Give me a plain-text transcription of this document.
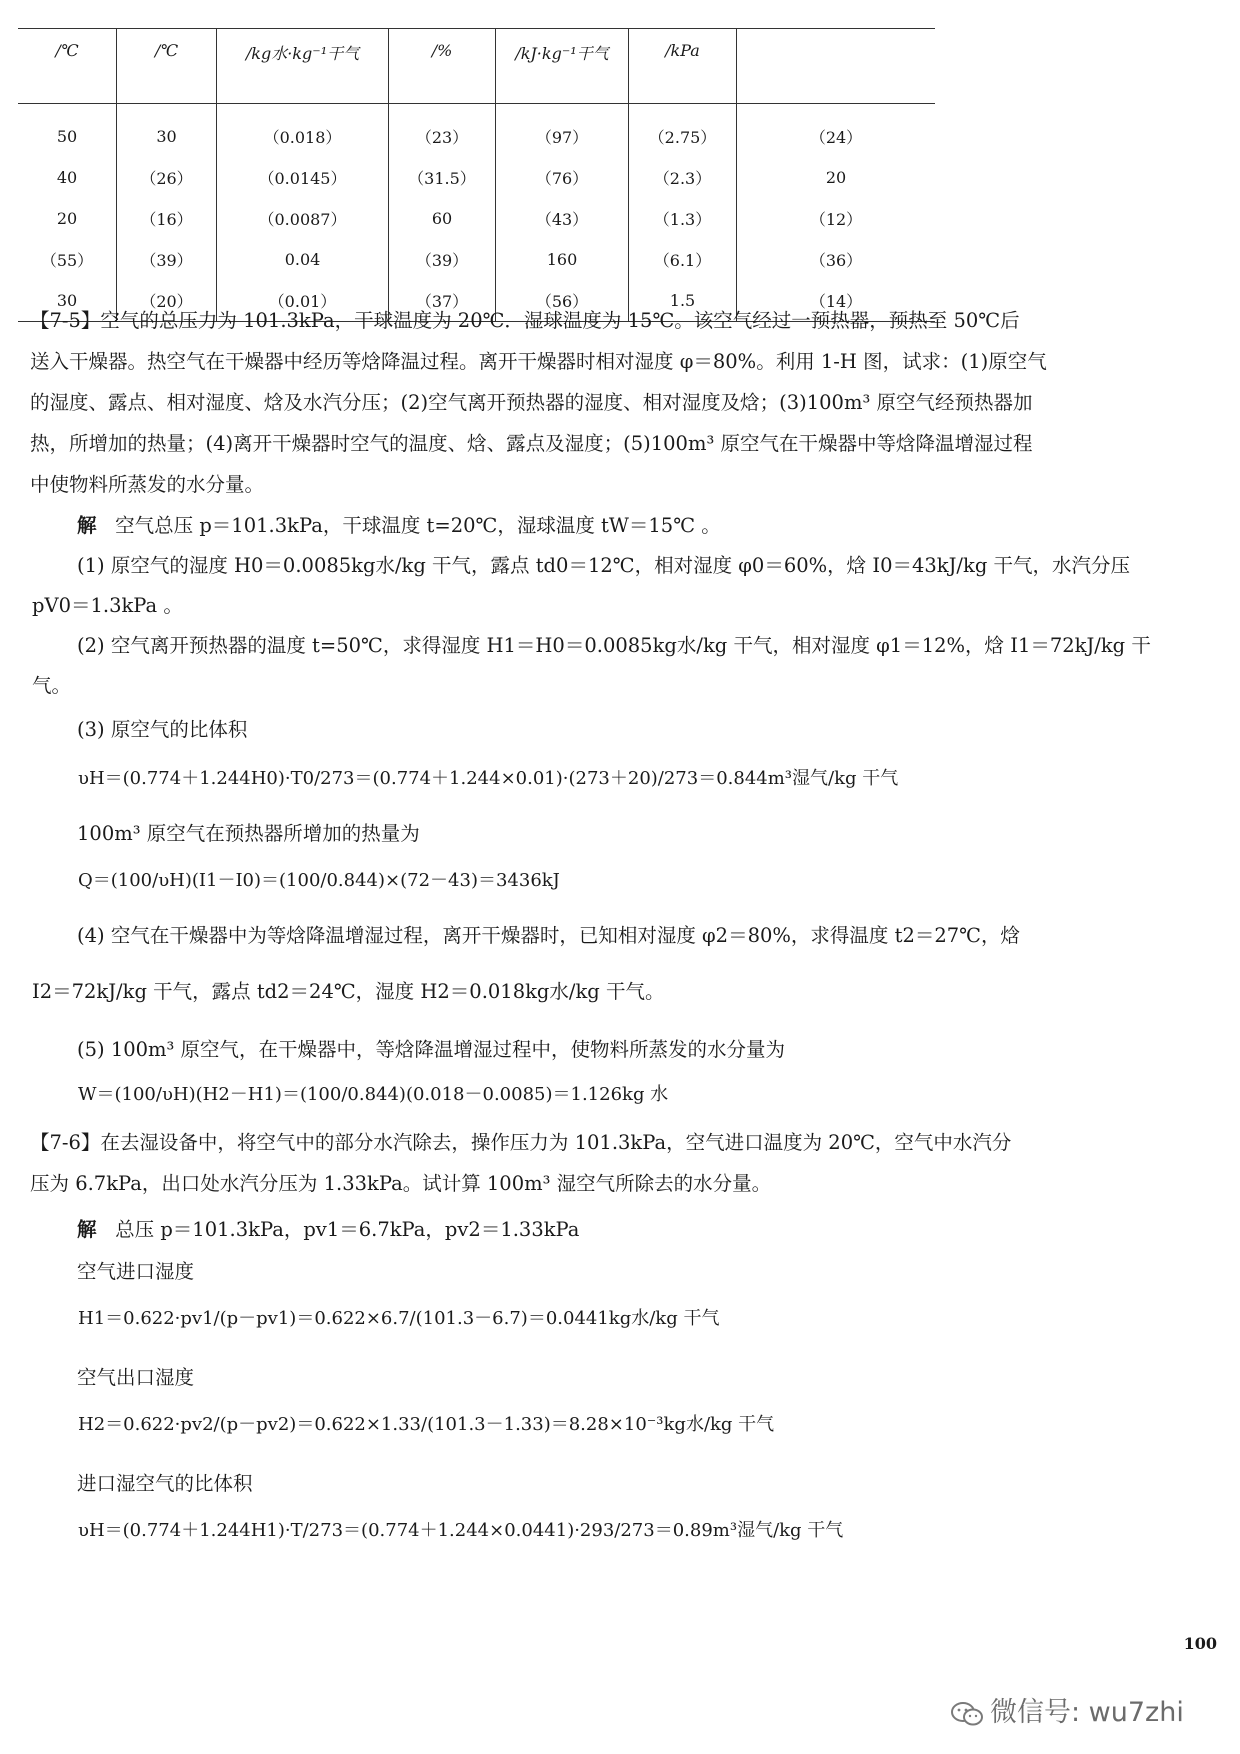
/℃	/℃	/kg水·kg⁻¹干气	/%	/kJ·kg⁻¹干气	/kPa	
50	30	（0.018）	（23）	（97）	（2.75）	（24）
40	（26）	（0.0145）	（31.5）	（76）	（2.3）	20
20	（16）	（0.0087）	60	（43）	（1.3）	（12）
（55）	（39）	0.04	（39）	160	（6.1）	（36）
30	（20）	（0.01）	（37）	（56）	1.5	（14）
【7-5】空气的总压力为 101.3kPa，干球温度为 20℃．湿球温度为 15℃。该空气经过一预热器，预热至 50℃后
送入干燥器。热空气在干燥器中经历等焓降温过程。离开干燥器时相对湿度 φ＝80%。利用 1-H 图，试求：(1)原空气
的湿度、露点、相对湿度、焓及水汽分压；(2)空气离开预热器的湿度、相对湿度及焓；(3)100m³ 原空气经预热器加
热，所增加的热量；(4)离开干燥器时空气的温度、焓、露点及湿度；(5)100m³ 原空气在干燥器中等焓降温增湿过程
中使物料所蒸发的水分量。
解 空气总压 p＝101.3kPa，干球温度 t=20℃，湿球温度 tW＝15℃ 。
(1) 原空气的湿度 H0＝0.0085kg水/kg 干气，露点 td0＝12℃，相对湿度 φ0＝60%，焓 I0＝43kJ/kg 干气，水汽分压
pV0＝1.3kPa 。
(2) 空气离开预热器的温度 t=50℃，求得湿度 H1＝H0＝0.0085kg水/kg 干气，相对湿度 φ1＝12%，焓 I1＝72kJ/kg 干
气。
(3) 原空气的比体积
υH＝(0.774＋1.244H0)·T0/273＝(0.774＋1.244×0.01)·(273＋20)/273＝0.844m³湿气/kg 干气
100m³ 原空气在预热器所增加的热量为
Q＝(100/υH)(I1－I0)＝(100/0.844)×(72－43)＝3436kJ
(4) 空气在干燥器中为等焓降温增湿过程，离开干燥器时，已知相对湿度 φ2＝80%，求得温度 t2＝27℃，焓
I2＝72kJ/kg 干气，露点 td2＝24℃，湿度 H2＝0.018kg水/kg 干气。
(5) 100m³ 原空气，在干燥器中，等焓降温增湿过程中，使物料所蒸发的水分量为
W＝(100/υH)(H2－H1)＝(100/0.844)(0.018－0.0085)＝1.126kg 水
【7-6】在去湿设备中，将空气中的部分水汽除去，操作压力为 101.3kPa，空气进口温度为 20℃，空气中水汽分
压为 6.7kPa，出口处水汽分压为 1.33kPa。试计算 100m³ 湿空气所除去的水分量。
解 总压 p＝101.3kPa，pv1＝6.7kPa，pv2＝1.33kPa
空气进口湿度
H1＝0.622·pv1/(p－pv1)＝0.622×6.7/(101.3－6.7)＝0.0441kg水/kg 干气
空气出口湿度
H2＝0.622·pv2/(p－pv2)＝0.622×1.33/(101.3－1.33)＝8.28×10⁻³kg水/kg 干气
进口湿空气的比体积
υH＝(0.774＋1.244H1)·T/273＝(0.774＋1.244×0.0441)·293/273＝0.89m³湿气/kg 干气
100
微信号: wu7zhi
